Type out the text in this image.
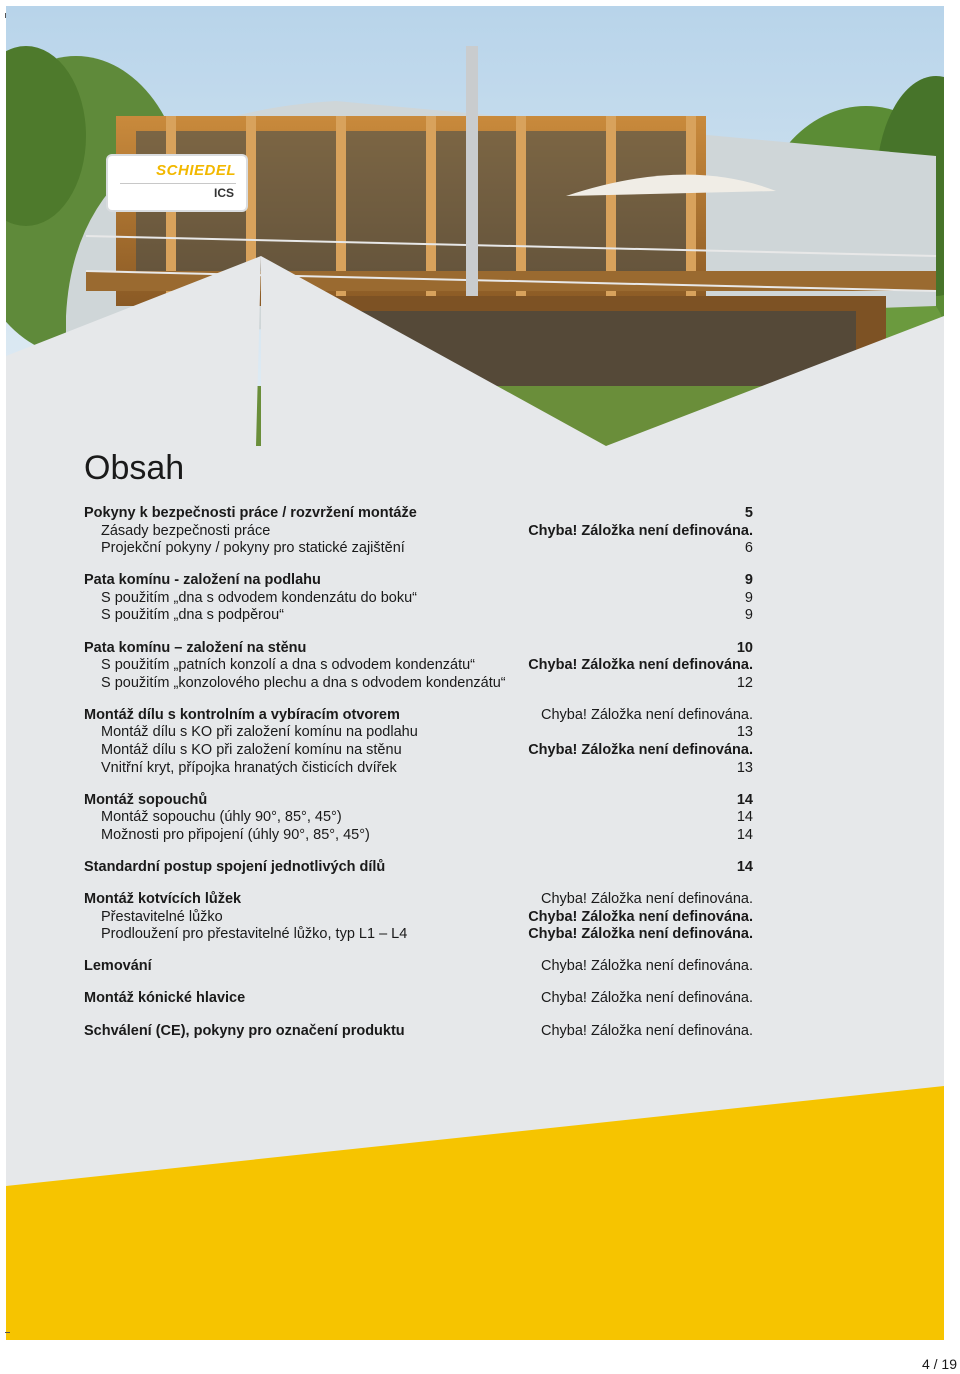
SCHIEDEL
ICS
Obsah
Pokyny k bezpečnosti práce / rozvržení montáže	5
Zásady bezpečnosti práce	Chyba! Záložka není definována.
Projekční pokyny / pokyny pro statické zajištění	6
Pata komínu - založení na podlahu	9
S použitím „dna s odvodem kondenzátu do boku“	9
S použitím „dna s podpěrou“	9
Pata komínu – založení na stěnu	10
S použitím „patních konzolí a dna s odvodem kondenzátu“	Chyba! Záložka není definována.
S použitím „konzolového plechu a dna s odvodem kondenzátu“	12
Montáž dílu s kontrolním a vybíracím otvorem	Chyba! Záložka není definována.
Montáž dílu s KO při založení komínu na podlahu	13
Montáž dílu s KO při založení komínu na stěnu	Chyba! Záložka není definována.
Vnitřní kryt, přípojka hranatých čisticích dvířek	13
Montáž sopouchů	14
Montáž sopouchu (úhly 90°, 85°, 45°)	14
Možnosti pro připojení (úhly 90°, 85°, 45°)	14
Standardní postup spojení jednotlivých dílů	14
Montáž kotvících lůžek	Chyba! Záložka není definována.
Přestavitelné lůžko	Chyba! Záložka není definována.
Prodloužení pro přestavitelné lůžko, typ L1 – L4	Chyba! Záložka není definována.
Lemování	Chyba! Záložka není definována.
Montáž kónické hlavice	Chyba! Záložka není definována.
Schválení (CE), pokyny pro označení produktu	Chyba! Záložka není definována.
4 / 19
